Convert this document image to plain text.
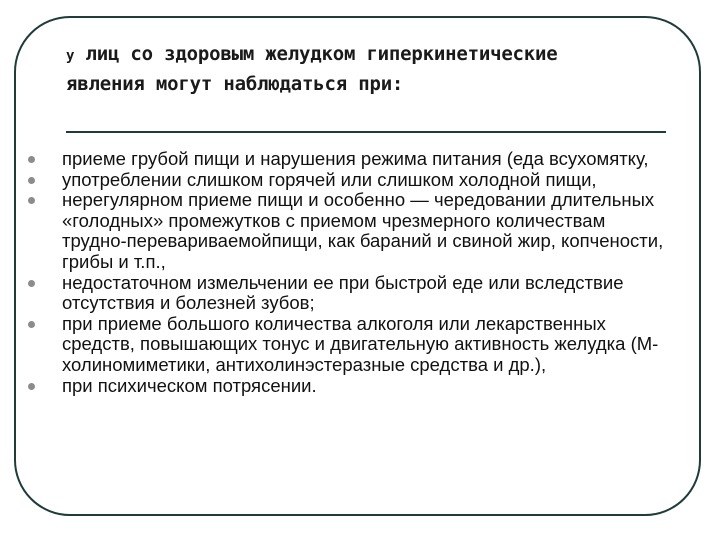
у лиц со здоровым желудком гиперкинетические явления могут наблюдаться при:
приеме грубой пищи и нарушения режима питания (еда всухомятку,
употреблении слишком горячей или слишком холодной пищи,
нерегулярном приеме пищи и особенно — чередовании длительных «голодных» промежутков с приемом чрезмерного количествам трудно-перевариваемойпищи, как бараний и свиной жир, копчености, грибы и т.п.,
недостаточном измельчении ее при быстрой еде или вследствие отсутствия и болезней зубов;
при приеме большого количества алкоголя или лекарственных средств, повышающих тонус и двигательную активность желудка (М-холиномиметики, антихолинэстеразные средства и др.),
при психическом потрясении.
